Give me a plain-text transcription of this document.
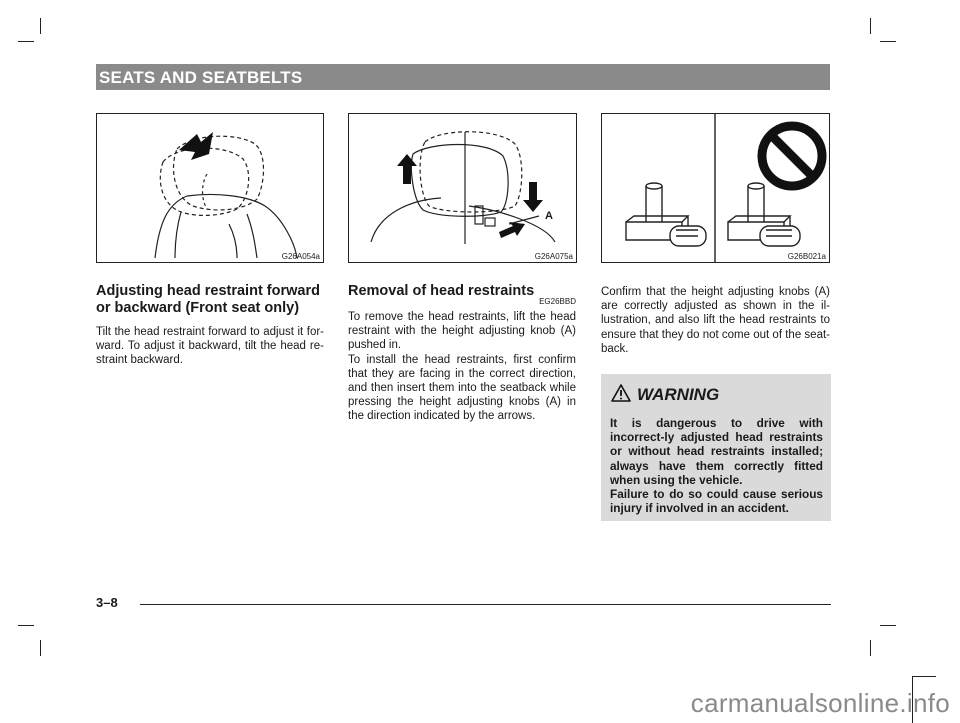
SEATS AND SEATBELTS
G26A054a
A
G26A075a	G26B021a
Adjusting head restraint forward or backward (Front seat only)

Tilt the head restraint forward to adjust it for-ward. To adjust it backward, tilt the head re-straint backward.

Removal of head restraints
EG26BBD

To remove the head restraints, lift the head restraint with the height adjusting knob (A) pushed in.

To install the head restraints, first confirm that they are facing in the correct direction, and then insert them into the seatback while pressing the height adjusting knobs (A) in the direction indicated by the arrows.

Confirm that the height adjusting knobs (A) are correctly adjusted as shown in the il-lustration, and also lift the head restraints to ensure that they do not come out of the seat-back.

WARNING

It is dangerous to drive with incorrect-ly adjusted head restraints or without head restraints installed; always have them correctly fitted when using the vehicle.

Failure to do so could cause serious injury if involved in an accident.

3–8
carmanualsonline.info
